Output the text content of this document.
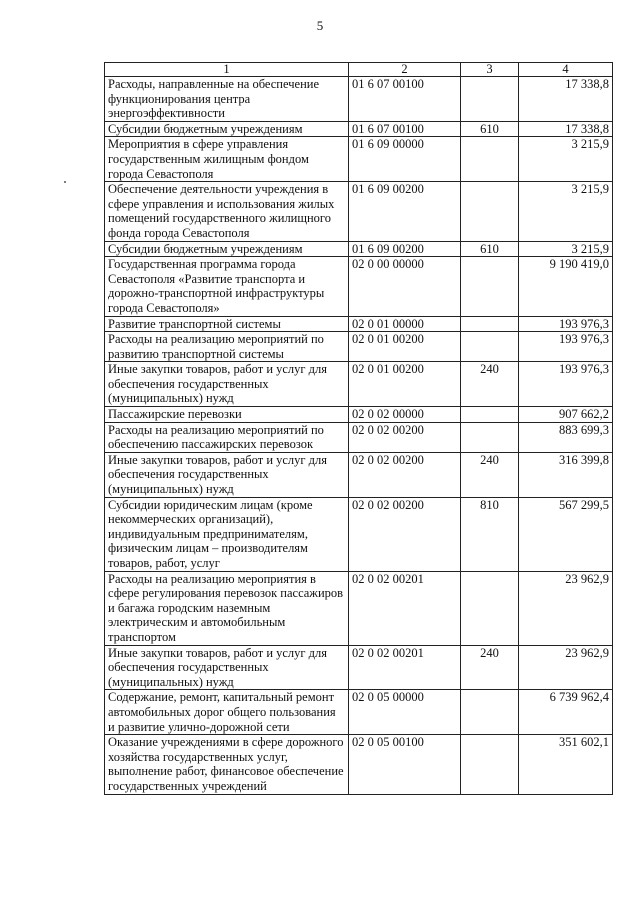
5
1	2	3	4
Расходы, направленные на обеспечение функционирования центра энергоэффективности	01 6 07 00100		17 338,8
Субсидии бюджетным учреждениям	01 6 07 00100	610	17 338,8
Мероприятия в сфере управления государственным жилищным фондом города Севастополя	01 6 09 00000		3 215,9
Обеспечение деятельности учреждения в сфере управления и использования жилых помещений государственного жилищного фонда города Севастополя	01 6 09 00200		3 215,9
Субсидии бюджетным учреждениям	01 6 09 00200	610	3 215,9
Государственная программа города Севастополя «Развитие транспорта и дорожно-транспортной инфраструктуры города Севастополя»	02 0 00 00000		9 190 419,0
Развитие транспортной системы	02 0 01 00000		193 976,3
Расходы на реализацию мероприятий по развитию транспортной системы	02 0 01 00200		193 976,3
Иные закупки товаров, работ и услуг для обеспечения государственных (муниципальных) нужд	02 0 01 00200	240	193 976,3
Пассажирские перевозки	02 0 02 00000		907 662,2
Расходы на реализацию мероприятий по обеспечению пассажирских перевозок	02 0 02 00200		883 699,3
Иные закупки товаров, работ и услуг для обеспечения государственных (муниципальных) нужд	02 0 02 00200	240	316 399,8
Субсидии юридическим лицам (кроме некоммерческих организаций), индивидуальным предпринимателям, физическим лицам – производителям товаров, работ, услуг	02 0 02 00200	810	567 299,5
Расходы на реализацию мероприятия в сфере регулирования перевозок пассажиров и багажа городским наземным электрическим и автомобильным транспортом	02 0 02 00201		23 962,9
Иные закупки товаров, работ и услуг для обеспечения государственных (муниципальных) нужд	02 0 02 00201	240	23 962,9
Содержание, ремонт, капитальный ремонт автомобильных дорог общего пользования и развитие улично-дорожной сети	02 0 05 00000		6 739 962,4
Оказание учреждениями в сфере дорожного хозяйства государственных услуг, выполнение работ, финансовое обеспечение государственных учреждений	02 0 05 00100		351 602,1
